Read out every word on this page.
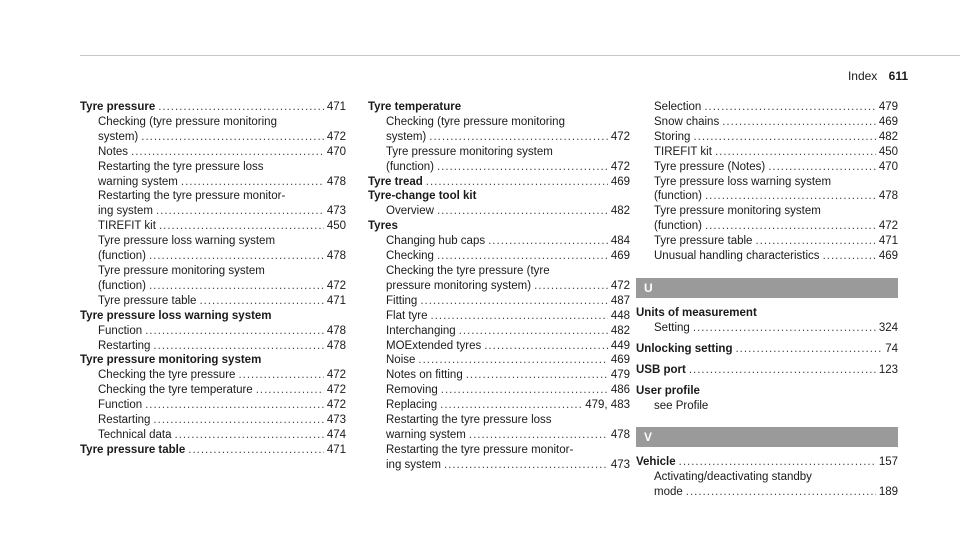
Index 611
Tyre pressure .....	471
Checking (tyre pressure monitoring
system) .....	472
Notes .....	470
Restarting the tyre pressure loss
warning system .....	478
Restarting the tyre pressure monitor-
ing system .....	473
TIREFIT kit .....	450
Tyre pressure loss warning system
(function) .....	478
Tyre pressure monitoring system
(function) .....	472
Tyre pressure table .....	471
Tyre pressure loss warning system
Function .....	478
Restarting .....	478
Tyre pressure monitoring system
Checking the tyre pressure .....	472
Checking the tyre temperature .....	472
Function .....	472
Restarting .....	473
Technical data .....	474
Tyre pressure table .....	471
Tyre temperature
Checking (tyre pressure monitoring
system) .....	472
Tyre pressure monitoring system
(function) .....	472
Tyre tread .....	469
Tyre-change tool kit
Overview .....	482
Tyres
Changing hub caps .....	484
Checking .....	469
Checking the tyre pressure (tyre
pressure monitoring system) .....	472
Fitting .....	487
Flat tyre .....	448
Interchanging .....	482
MOExtended tyres .....	449
Noise .....	469
Notes on fitting .....	479
Removing .....	486
Replacing .....	479, 483
Restarting the tyre pressure loss
warning system .....	478
Restarting the tyre pressure monitor-
ing system .....	473
Selection .....	479
Snow chains .....	469
Storing .....	482
TIREFIT kit .....	450
Tyre pressure (Notes) .....	470
Tyre pressure loss warning system
(function) .....	478
Tyre pressure monitoring system
(function) .....	472
Tyre pressure table .....	471
Unusual handling characteristics .....	469
U
Units of measurement
Setting .....	324
Unlocking setting .....	74
USB port .....	123
User profile
see Profile
V
Vehicle .....	157
Activating/deactivating standby
mode .....	189
